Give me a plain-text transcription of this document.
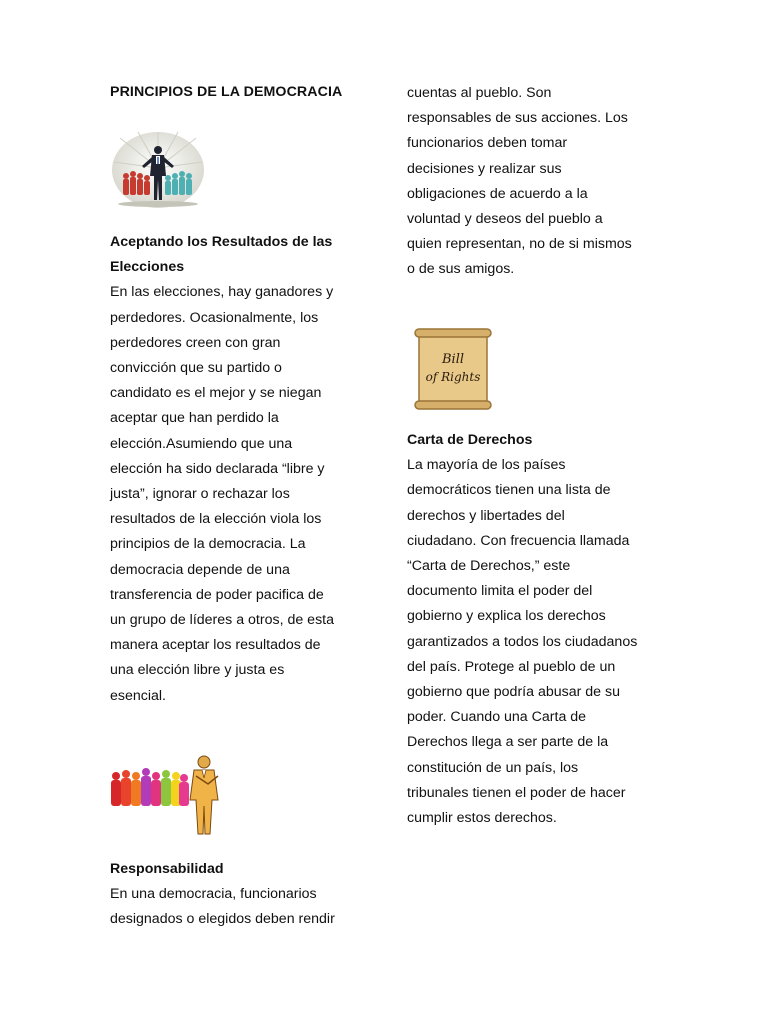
PRINCIPIOS DE LA DEMOCRACIA

Aceptando los Resultados de las
Elecciones

En las elecciones, hay ganadores y
perdedores. Ocasionalmente, los
perdedores creen con gran
convicción que su partido o
candidato es el mejor y se niegan
aceptar que han perdido la
elección.Asumiendo que una
elección ha sido declarada “libre y
justa”, ignorar o rechazar los
resultados de la elección viola los
principios de la democracia. La
democracia depende de una
transferencia de poder pacifica de
un grupo de líderes a otros, de esta
manera aceptar los resultados de
una elección libre y justa es
esencial.

Responsabilidad

En una democracia, funcionarios
designados o elegidos deben rendir

cuentas al pueblo. Son
responsables de sus acciones. Los
funcionarios deben tomar
decisiones y realizar sus
obligaciones de acuerdo a la
voluntad y deseos del pueblo a
quien representan, no de si mismos
o de sus amigos.

Bill
of Rights

Carta de Derechos

La mayoría de los países
democráticos tienen una lista de
derechos y libertades del
ciudadano. Con frecuencia llamada
“Carta de Derechos,” este
documento limita el poder del
gobierno y explica los derechos
garantizados a todos los ciudadanos
del país. Protege al pueblo de un
gobierno que podría abusar de su
poder. Cuando una Carta de
Derechos llega a ser parte de la
constitución de un país, los
tribunales tienen el poder de hacer
cumplir estos derechos.
